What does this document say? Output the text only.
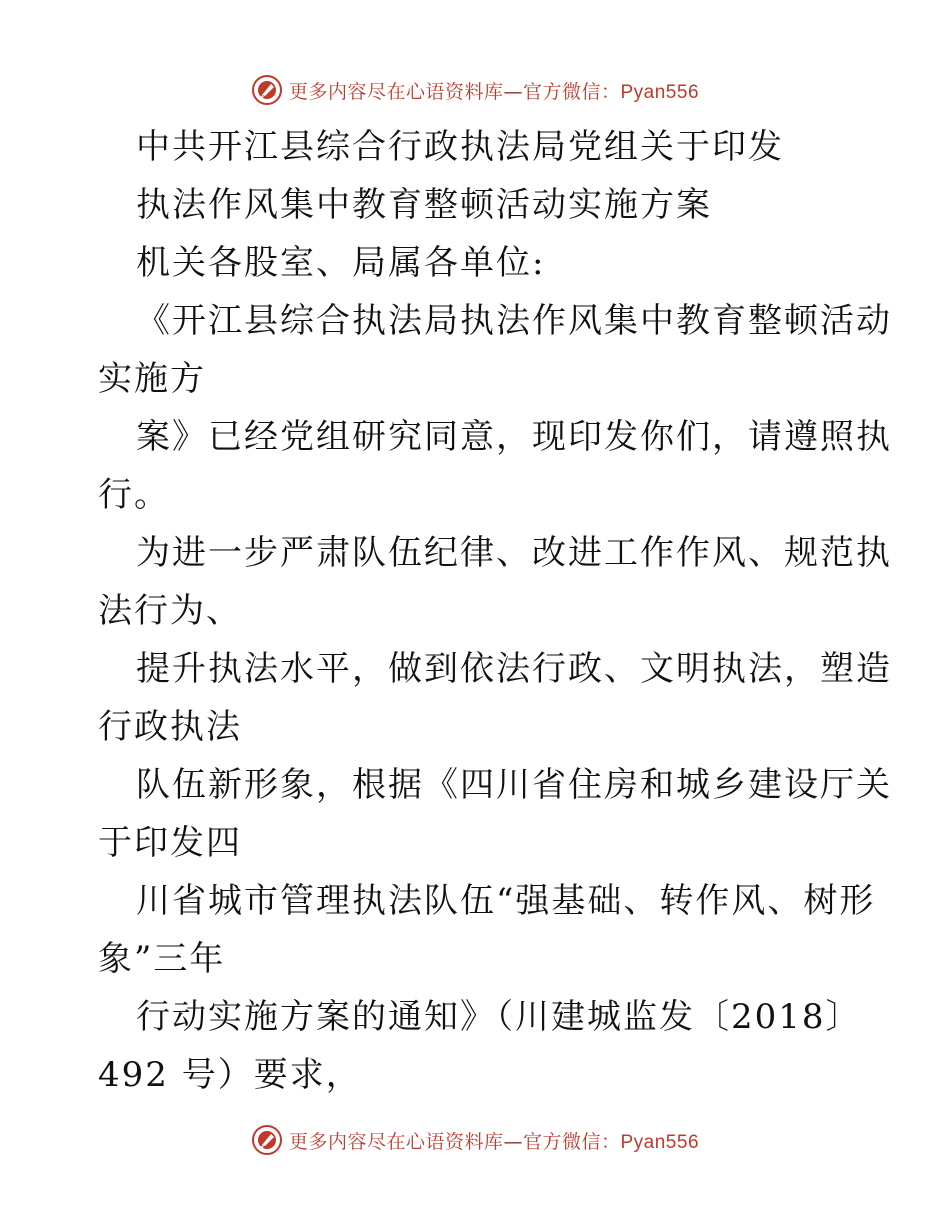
更多内容尽在心语资料库—官方微信：Pyan556
中共开江县综合行政执法局党组关于印发
执法作风集中教育整顿活动实施方案
机关各股室、局属各单位:
《开江县综合执法局执法作风集中教育整顿活动
实施方
案》已经党组研究同意，现印发你们，请遵照执
行。
为进一步严肃队伍纪律、改进工作作风、规范执
法行为、
提升执法水平，做到依法行政、文明执法，塑造
行政执法
队伍新形象，根据《四川省住房和城乡建设厅关
于印发四
川省城市管理执法队伍“强基础、转作风、树形
象”三年
行动实施方案的通知》（川建城监发〔2018〕
492 号）要求，
更多内容尽在心语资料库—官方微信：Pyan556
